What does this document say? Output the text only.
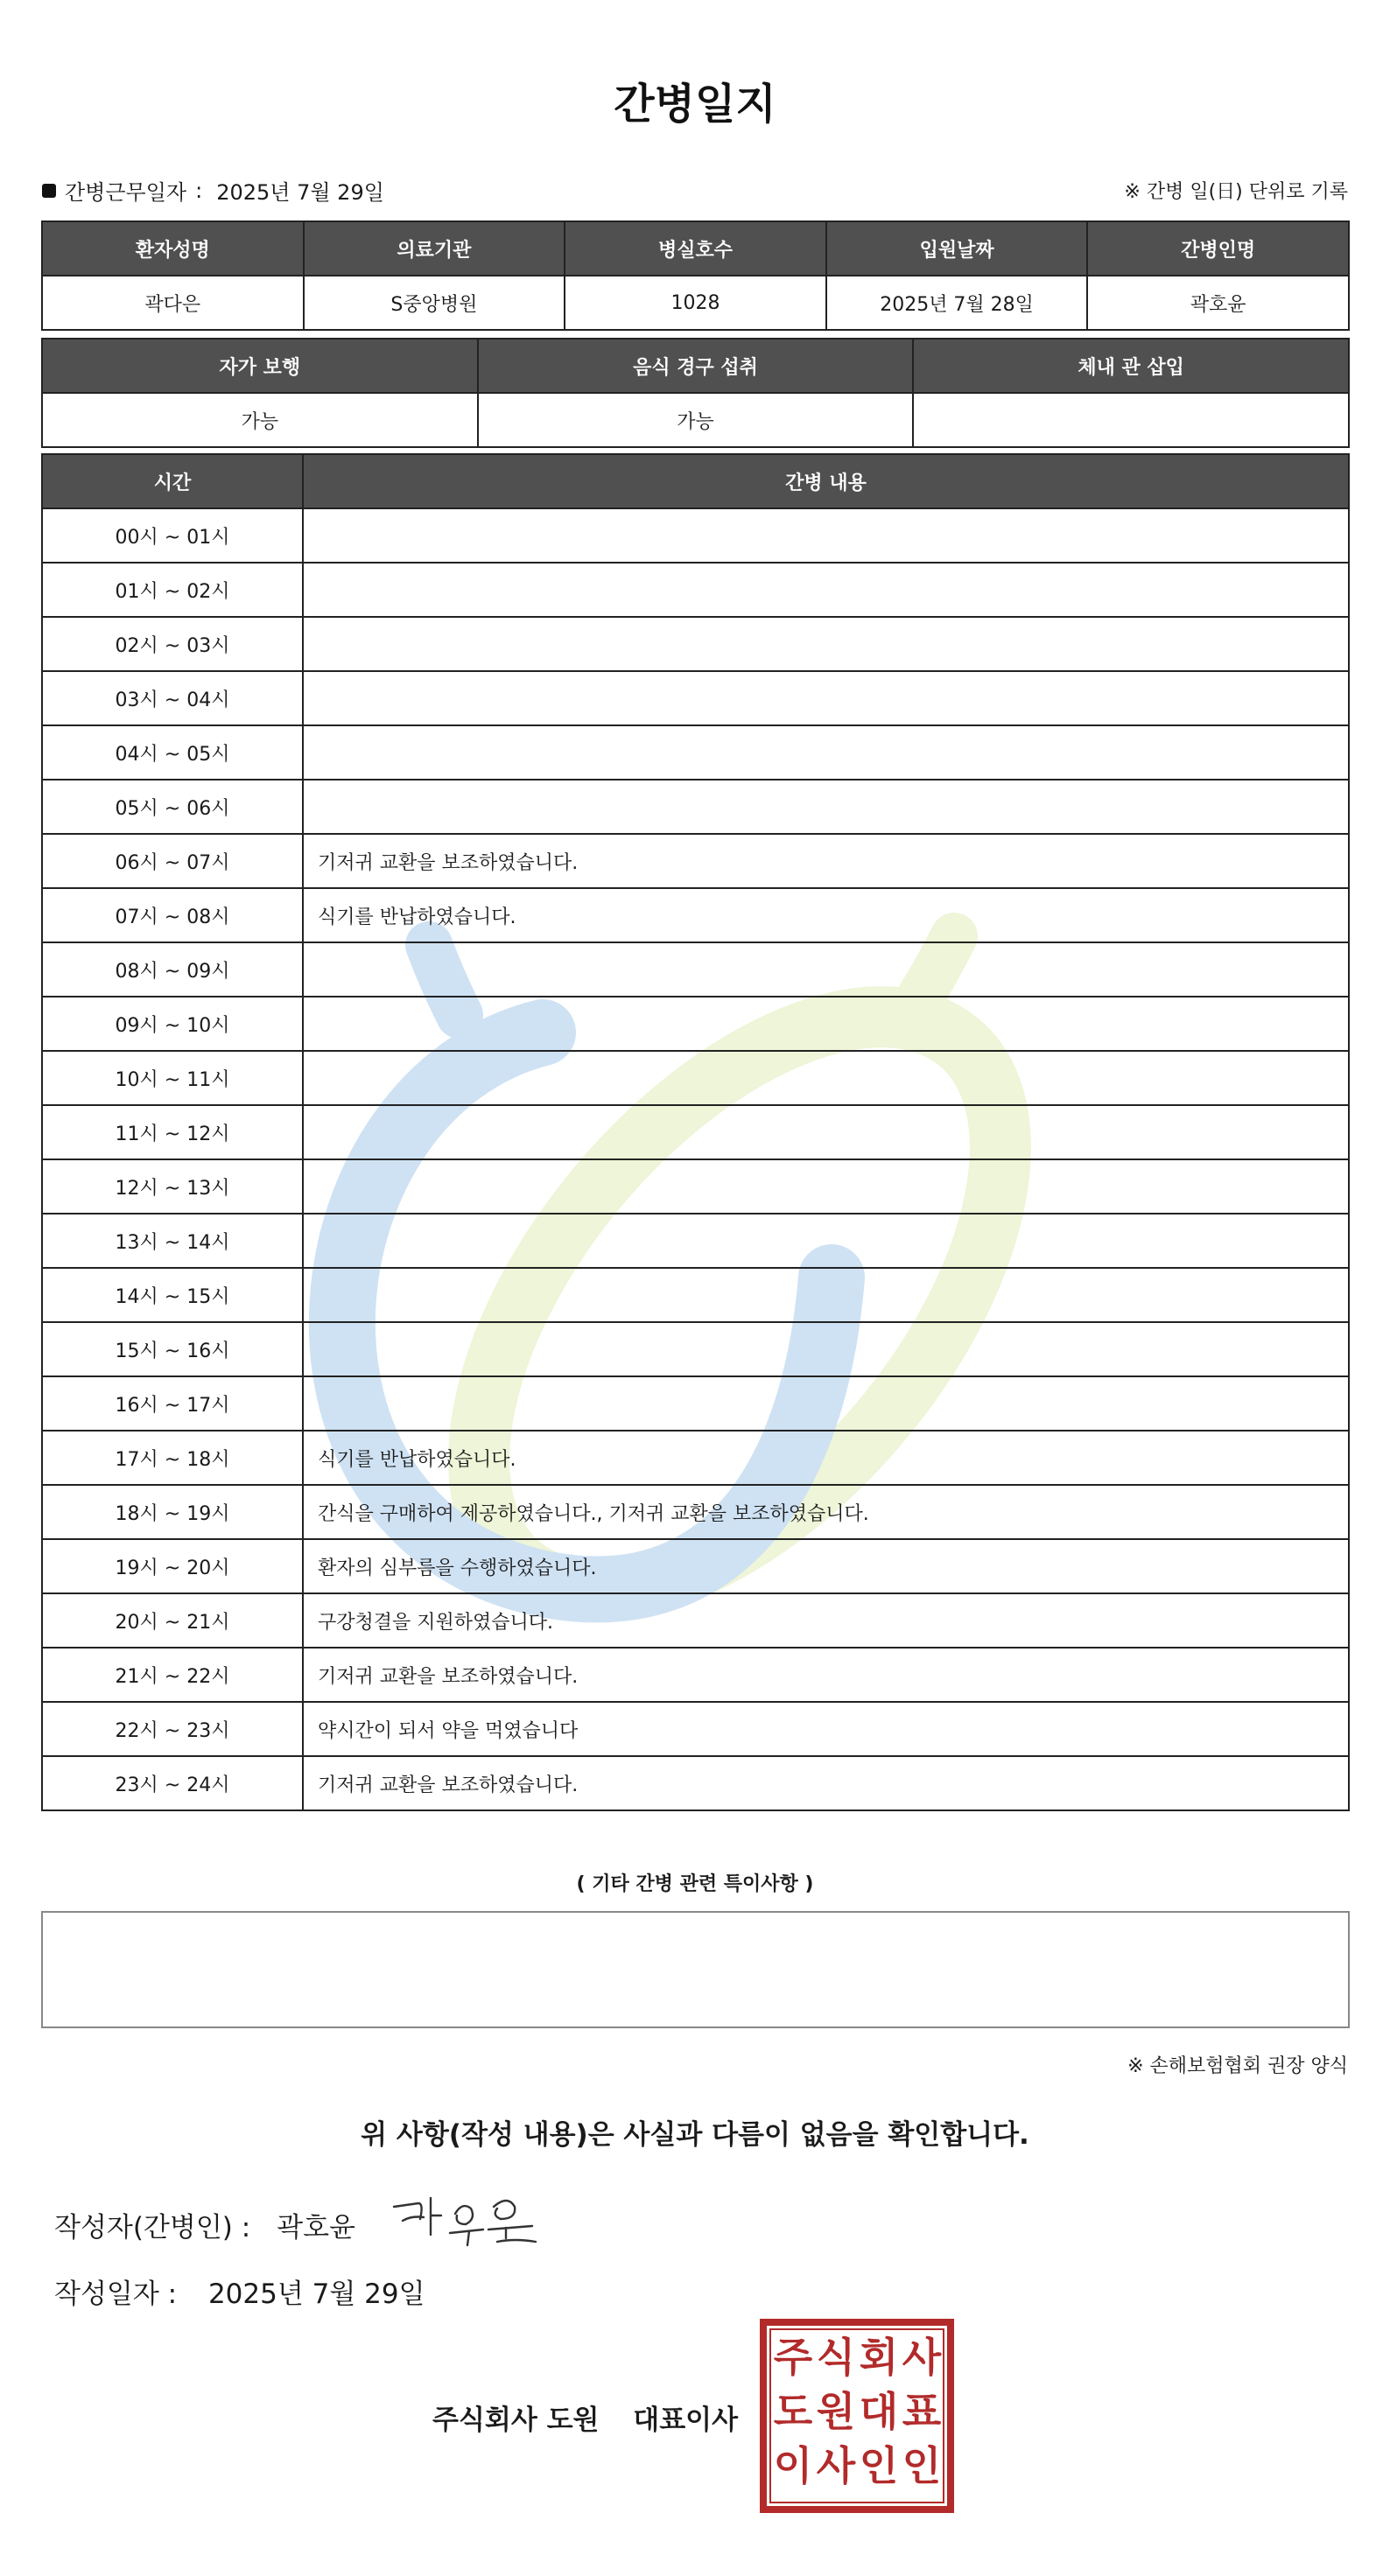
간병일지
간병근무일자 : 2025년 7월 29일	※ 간병 일(日) 단위로 기록
환자성명	의료기관	병실호수	입원날짜	간병인명
곽다은	S중앙병원	1028	2025년 7월 28일	곽호윤
자가 보행	음식 경구 섭취	체내 관 삽입
가능	가능	
시간	간병 내용
00시 ~ 01시	
01시 ~ 02시	
02시 ~ 03시	
03시 ~ 04시	
04시 ~ 05시	
05시 ~ 06시	
06시 ~ 07시	기저귀 교환을 보조하였습니다.
07시 ~ 08시	식기를 반납하였습니다.
08시 ~ 09시	
09시 ~ 10시	
10시 ~ 11시	
11시 ~ 12시	
12시 ~ 13시	
13시 ~ 14시	
14시 ~ 15시	
15시 ~ 16시	
16시 ~ 17시	
17시 ~ 18시	식기를 반납하였습니다.
18시 ~ 19시	간식을 구매하여 제공하였습니다., 기저귀 교환을 보조하였습니다.
19시 ~ 20시	환자의 심부름을 수행하였습니다.
20시 ~ 21시	구강청결을 지원하였습니다.
21시 ~ 22시	기저귀 교환을 보조하였습니다.
22시 ~ 23시	약시간이 되서 약을 먹였습니다
23시 ~ 24시	기저귀 교환을 보조하였습니다.
( 기타 간병 관련 특이사항 )
※ 손해보험협회 권장 양식
위 사항(작성 내용)은 사실과 다름이 없음을 확인합니다.
작성자(간병인) : 곽호윤
작성일자 : 2025년 7월 29일
주식회사 도원 대표이사
주 식 회 사
도 원 대 표
이 사 인 인
